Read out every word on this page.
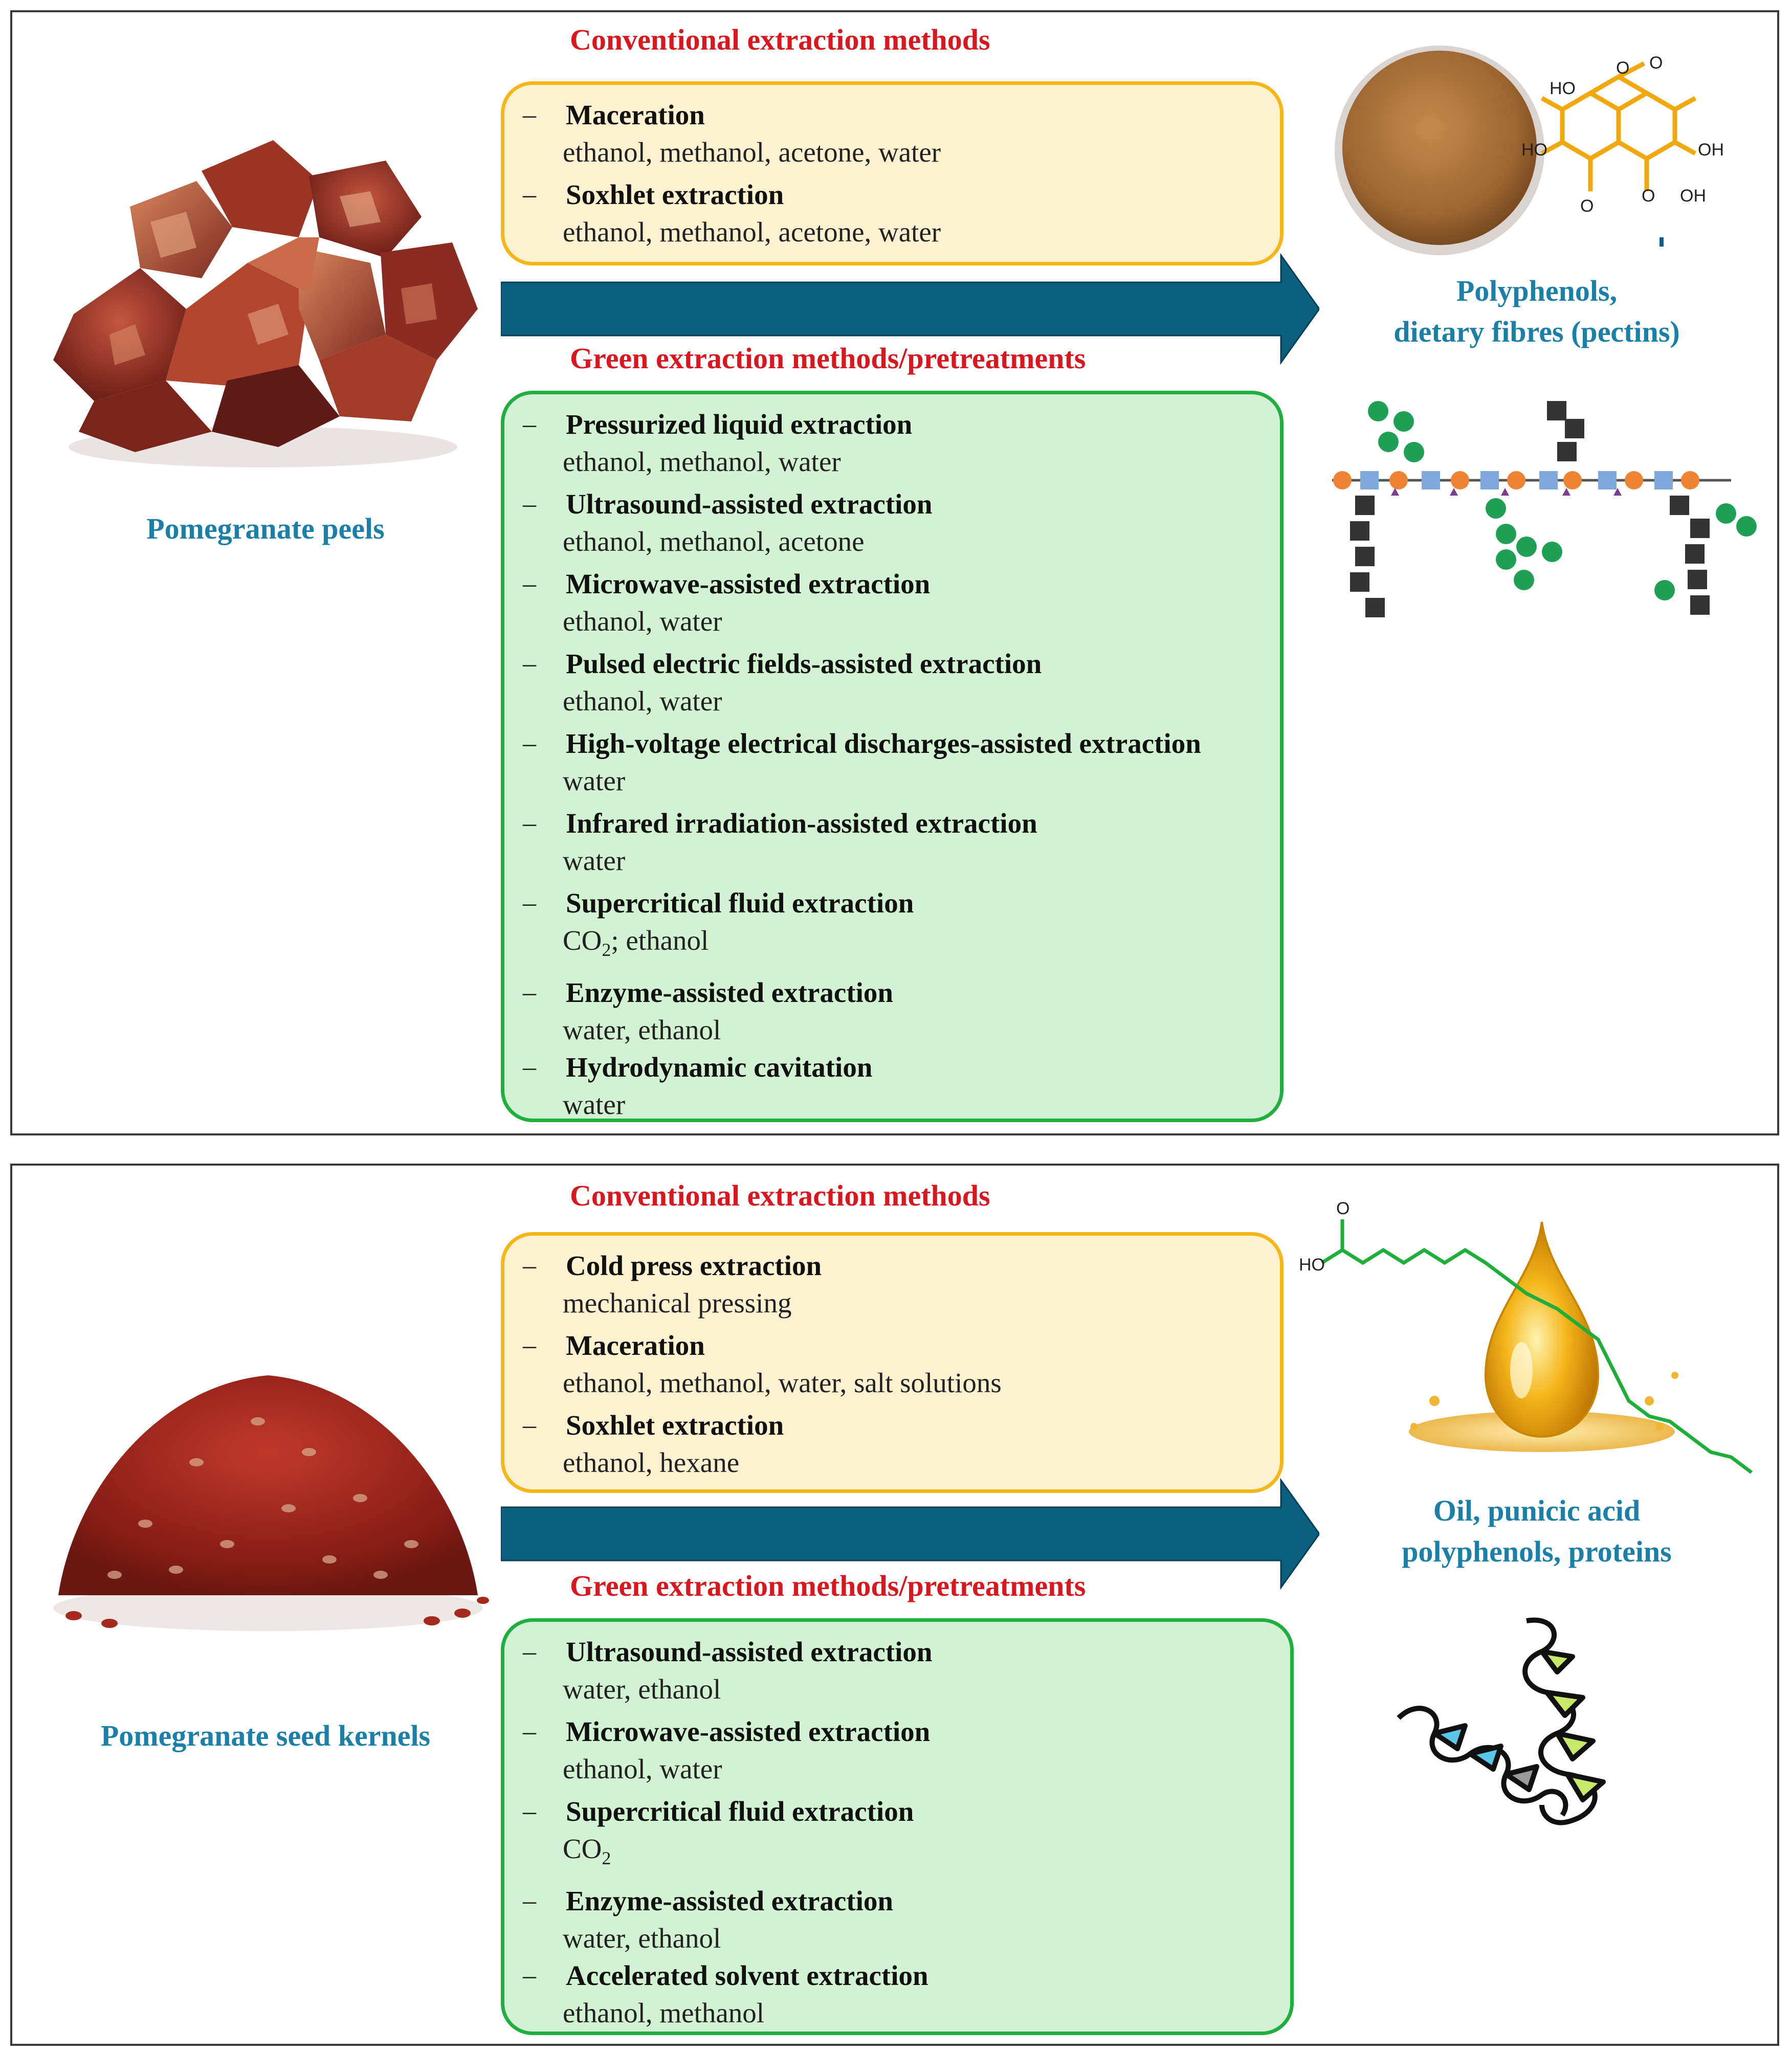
Pomegranate peels
Conventional extraction methods
– Maceration
ethanol, methanol, acetone, water
– Soxhlet extraction
ethanol, methanol, acetone, water
Green extraction methods/pretreatments
– Pressurized liquid extraction
ethanol, methanol, water
– Ultrasound-assisted extraction
ethanol, methanol, acetone
– Microwave-assisted extraction
ethanol, water
– Pulsed electric fields-assisted extraction
ethanol, water
– High-voltage electrical discharges-assisted extraction
water
– Infrared irradiation-assisted extraction
water
– Supercritical fluid extraction
$CO_2$; ethanol
– Enzyme-assisted extraction
water, ethanol
– Hydrodynamic cavitation
water
HO
HO	OH
OH
O
O
O
O
Polyphenols,
dietary fibres (pectins)
Pomegranate seed kernels
Conventional extraction methods
– Cold press extraction
mechanical pressing
– Maceration
ethanol, methanol, water, salt solutions
– Soxhlet extraction
ethanol, hexane
Green extraction methods/pretreatments
– Ultrasound-assisted extraction
water, ethanol
– Microwave-assisted extraction
ethanol, water
– Supercritical fluid extraction
$CO_2$
– Enzyme-assisted extraction
water, ethanol
– Accelerated solvent extraction
ethanol, methanol
HO
O
Oil, punicic acid
polyphenols, proteins
